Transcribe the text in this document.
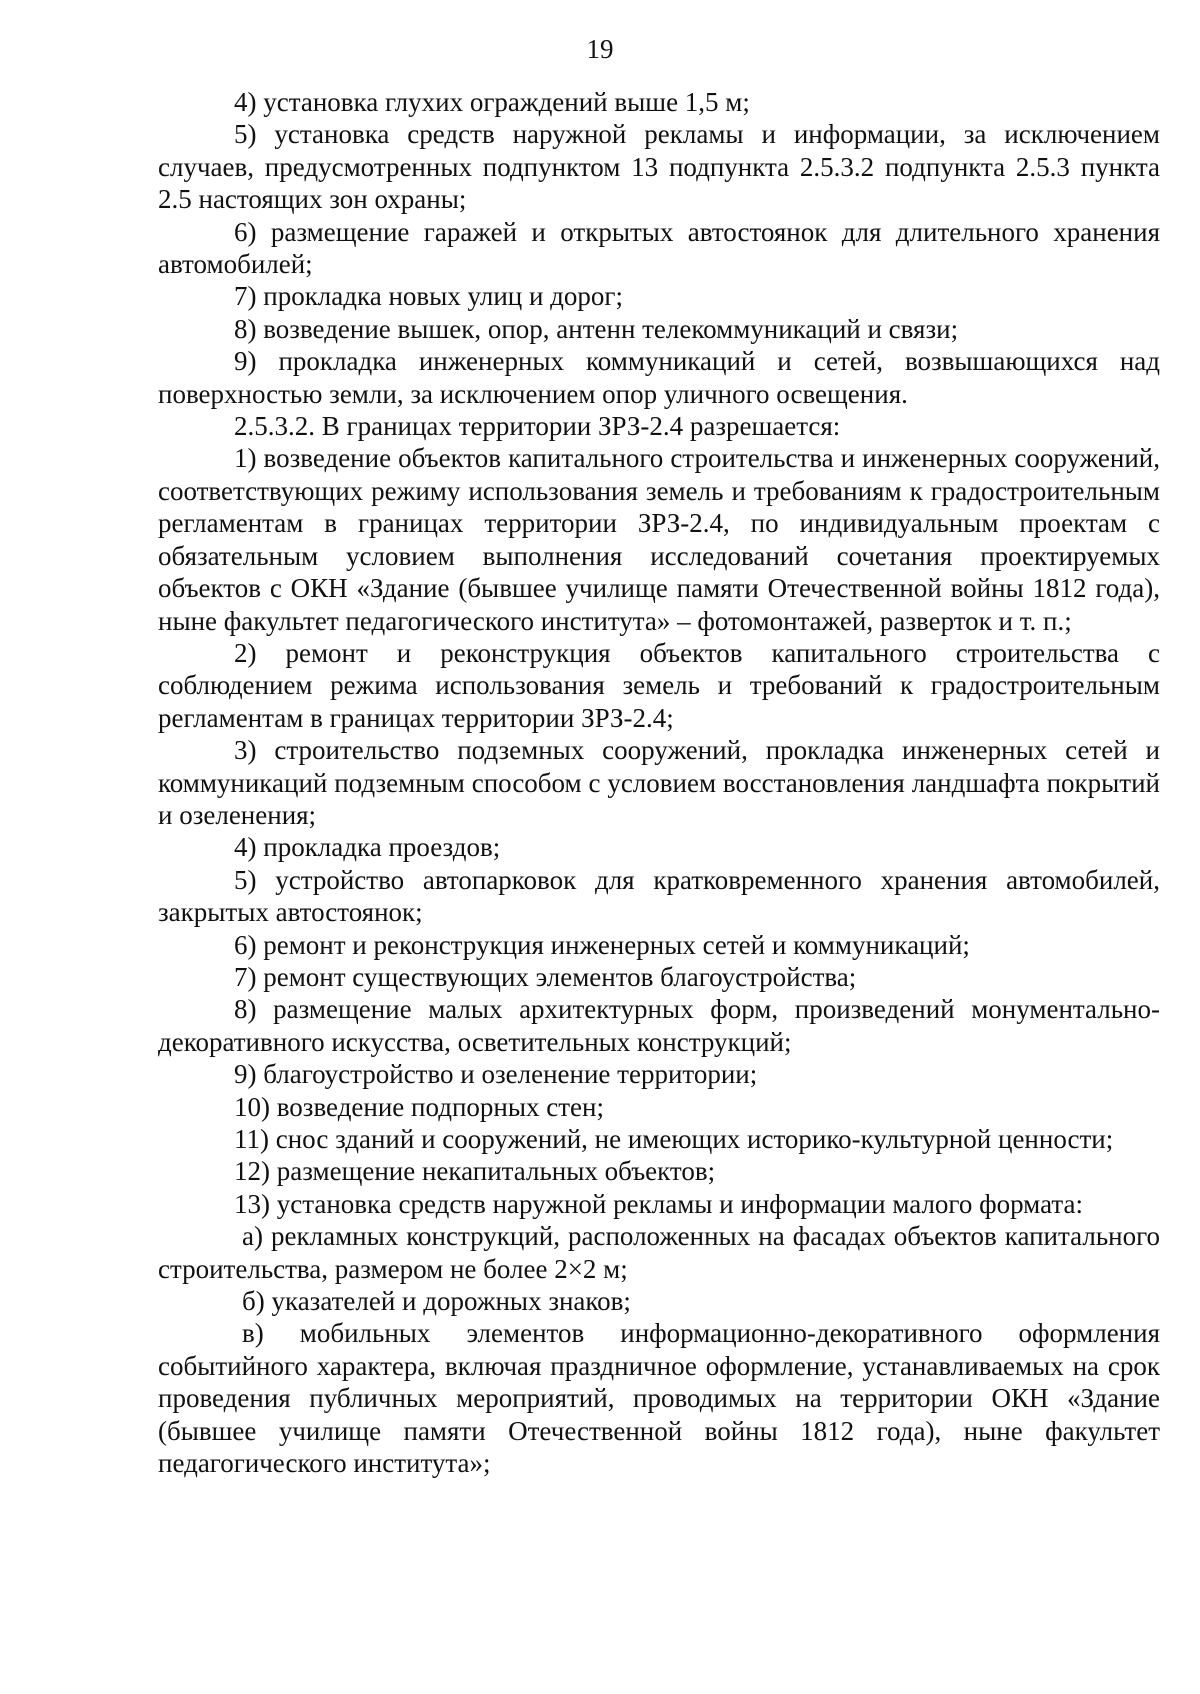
19

4) установка глухих ограждений выше 1,5 м;

5) установка средств наружной рекламы и информации, за исключением случаев, предусмотренных подпунктом 13 подпункта 2.5.3.2 подпункта 2.5.3 пункта 2.5 настоящих зон охраны;

6) размещение гаражей и открытых автостоянок для длительного хранения автомобилей;

7) прокладка новых улиц и дорог;

8) возведение вышек, опор, антенн телекоммуникаций и связи;

9) прокладка инженерных коммуникаций и сетей, возвышающихся над поверхностью земли, за исключением опор уличного освещения.

2.5.3.2. В границах территории ЗРЗ-2.4 разрешается:

1) возведение объектов капитального строительства и инженерных сооружений, соответствующих режиму использования земель и требованиям к градостроительным регламентам в границах территории ЗРЗ-2.4, по индивидуальным проектам с обязательным условием выполнения исследований сочетания проектируемых объектов с ОКН «Здание (бывшее училище памяти Отечественной войны 1812 года), ныне факультет педагогического института» – фотомонтажей, разверток и т. п.;

2) ремонт и реконструкция объектов капитального строительства с соблюдением режима использования земель и требований к градостроительным регламентам в границах территории ЗРЗ-2.4;

3) строительство подземных сооружений, прокладка инженерных сетей и коммуникаций подземным способом с условием восстановления ландшафта покрытий и озеленения;

4) прокладка проездов;

5) устройство автопарковок для кратковременного хранения автомобилей, закрытых автостоянок;

6) ремонт и реконструкция инженерных сетей и коммуникаций;

7) ремонт существующих элементов благоустройства;

8) размещение малых архитектурных форм, произведений монументально-декоративного искусства, осветительных конструкций;

9) благоустройство и озеленение территории;

10) возведение подпорных стен;

11) снос зданий и сооружений, не имеющих историко-культурной ценности;

12) размещение некапитальных объектов;

13) установка средств наружной рекламы и информации малого формата:

а) рекламных конструкций, расположенных на фасадах объектов капитального строительства, размером не более 2×2 м;

б) указателей и дорожных знаков;

в) мобильных элементов информационно-декоративного оформления событийного характера, включая праздничное оформление, устанавливаемых на срок проведения публичных мероприятий, проводимых на территории ОКН «Здание (бывшее училище памяти Отечественной войны 1812 года), ныне факультет педагогического института»;
